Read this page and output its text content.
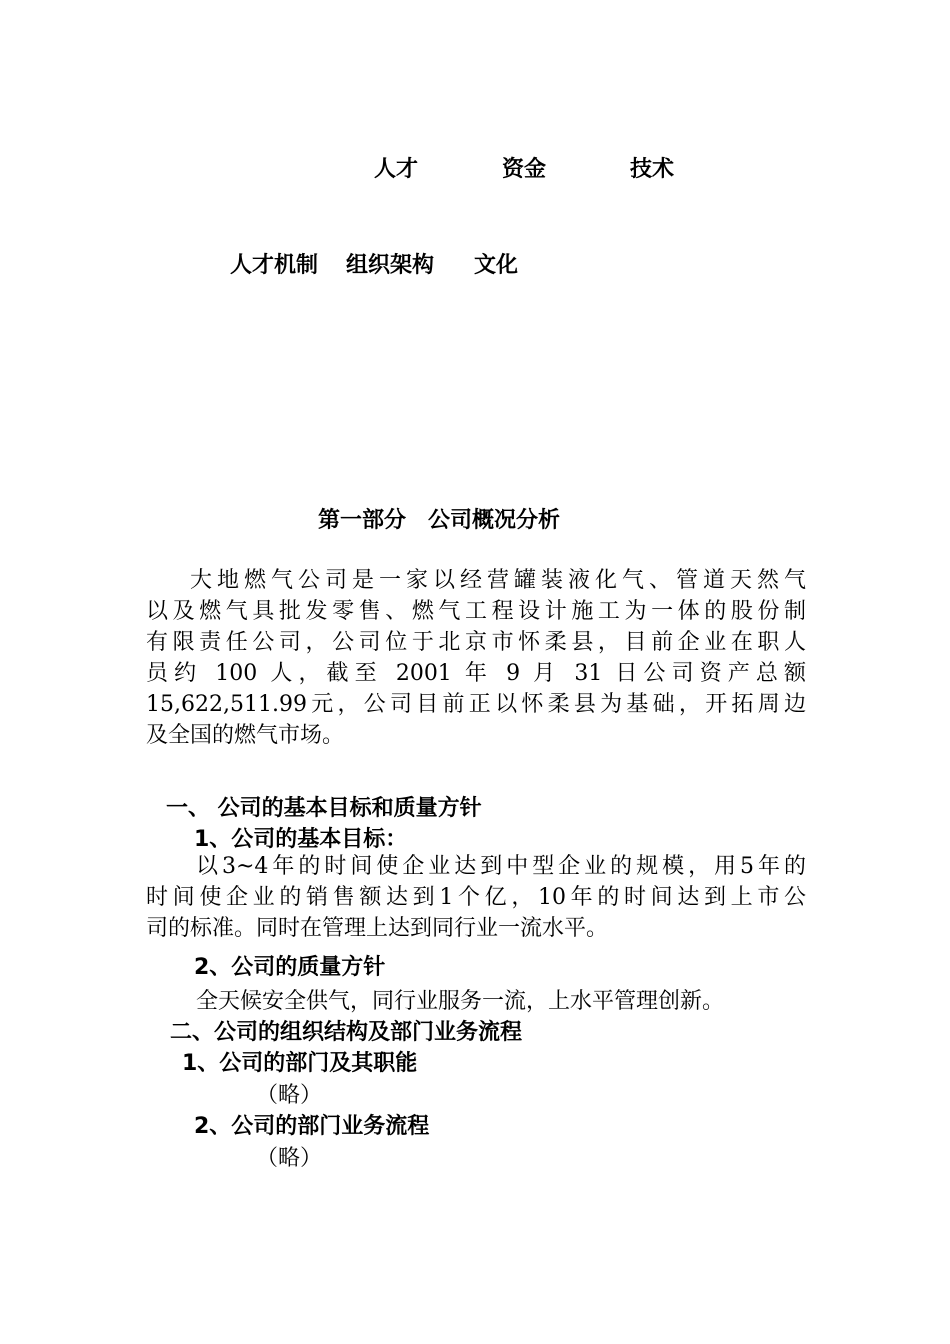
人才	资金	技术
人才机制 组织架构 文化
第一部分　公司概况分析
大地燃气公司是一家以经营罐装液化气、管道天然气
以及燃气具批发零售、燃气工程设计施工为一体的股份制
有限责任公司，公司位于北京市怀柔县，目前企业在职人
员约 100 人，截至 2001 年 9 月 31 日公司资产总额
15,622,511.99元，公司目前正以怀柔县为基础，开拓周边
及全国的燃气市场。
一、 公司的基本目标和质量方针
1、公司的基本目标：
以3~4年的时间使企业达到中型企业的规模，用5年的
时间使企业的销售额达到1个亿，10年的时间达到上市公
司的标准。同时在管理上达到同行业一流水平。
2、公司的质量方针
全天候安全供气，同行业服务一流，上水平管理创新。
二、公司的组织结构及部门业务流程
1、公司的部门及其职能
（略）
2、公司的部门业务流程
（略）
